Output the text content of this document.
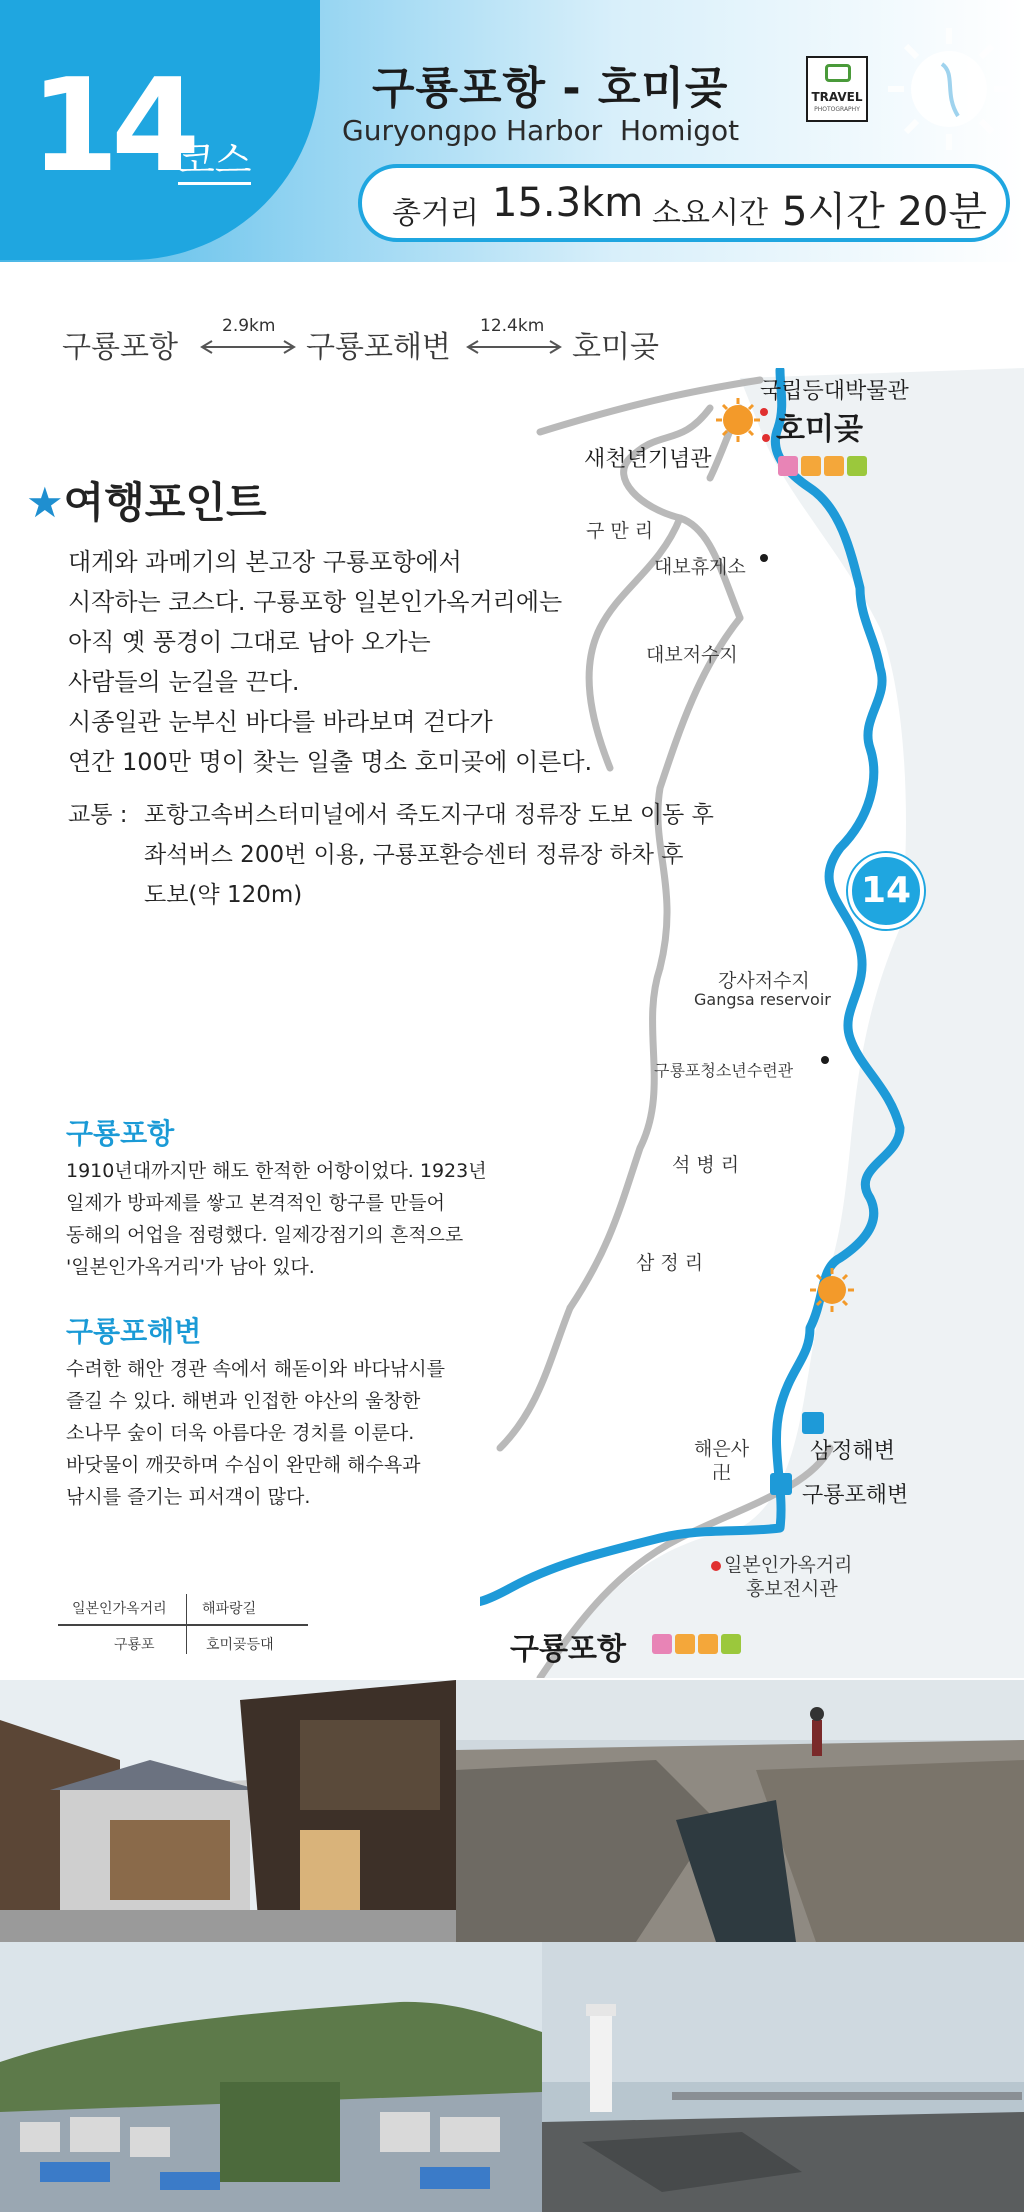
14
코스
구룡포항 - 호미곶
Guryongpo Harbor Homigot
TRAVEL
PHOTOGRAPHY
총거리 15.3km 소요시간 5시간 20분
구룡포항
2.9km
구룡포해변
12.4km
호미곶
14
국립등대박물관
호미곶
새천년기념관
구 만 리
대보휴게소
대보저수지
강사저수지
Gangsa reservoir
구룡포청소년수련관
석 병 리
삼 정 리
해은사
卍
삼정해변
구룡포해변
일본인가옥거리
홍보전시관
구룡포항
★여행포인트
대게와 과메기의 본고장 구룡포항에서
시작하는 코스다. 구룡포항 일본인가옥거리에는
아직 옛 풍경이 그대로 남아 오가는
사람들의 눈길을 끈다.
시종일관 눈부신 바다를 바라보며 걷다가
연간 100만 명이 찾는 일출 명소 호미곶에 이른다.
교통 : 포항고속버스터미널에서 죽도지구대 정류장 도보 이동 후
좌석버스 200번 이용, 구룡포환승센터 정류장 하차 후
도보(약 120m)
구룡포항
1910년대까지만 해도 한적한 어항이었다. 1923년
일제가 방파제를 쌓고 본격적인 항구를 만들어
동해의 어업을 점령했다. 일제강점기의 흔적으로
'일본인가옥거리'가 남아 있다.
구룡포해변
수려한 해안 경관 속에서 해돋이와 바다낚시를
즐길 수 있다. 해변과 인접한 야산의 울창한
소나무 숲이 더욱 아름다운 경치를 이룬다.
바닷물이 깨끗하며 수심이 완만해 해수욕과
낚시를 즐기는 피서객이 많다.
일본인가옥거리	해파랑길
구룡포	호미곶등대
